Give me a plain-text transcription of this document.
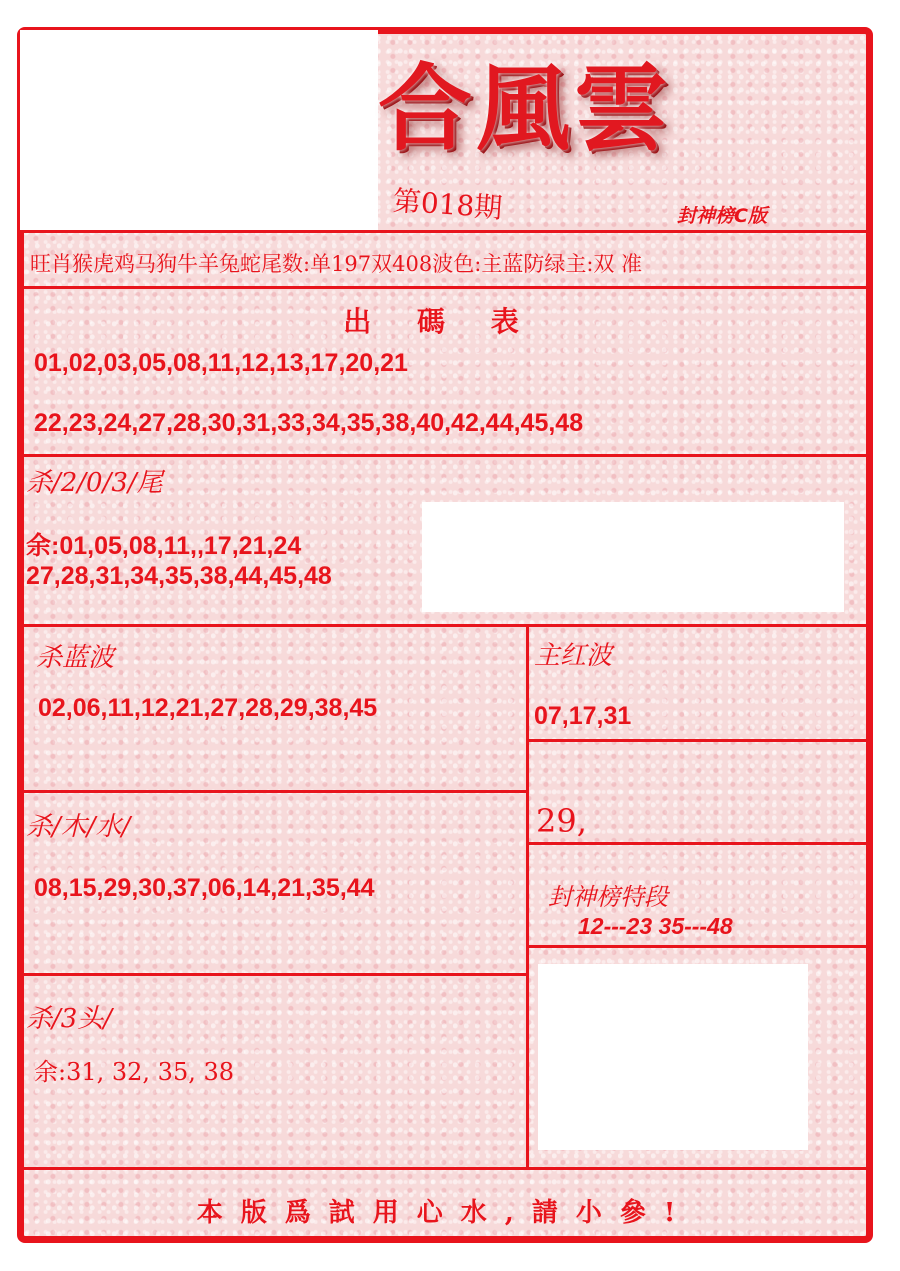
合風雲
第018期	封神榜C版
旺肖猴虎鸡马狗牛羊兔蛇尾数:单197双408波色:主蓝防绿主:双 准
出 碼 表
01,02,03,05,08,11,12,13,17,20,21
22,23,24,27,28,30,31,33,34,35,38,40,42,44,45,48
杀/2/0/3/尾
余:01,05,08,11,,17,21,24
27,28,31,34,35,38,44,45,48
杀蓝波
02,06,11,12,21,27,28,29,38,45
主红波
07,17,31
29,
杀/木/水/
08,15,29,30,37,06,14,21,35,44	封神榜特段
12---23 35---48
杀/3头/
余:31, 32, 35, 38
本版爲試用心水,請小參!
